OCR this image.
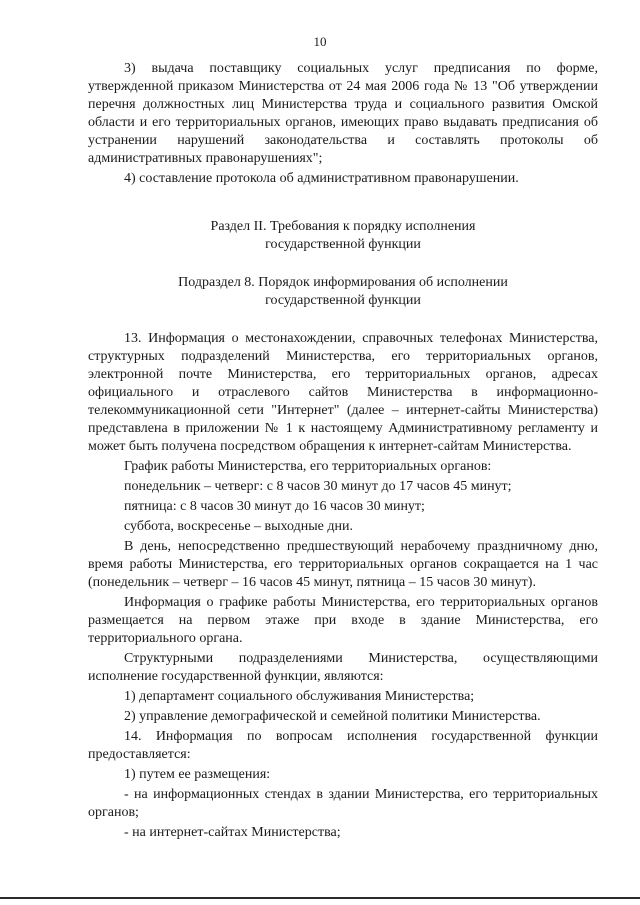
10

3) выдача поставщику социальных услуг предписания по форме, утвержденной приказом Министерства от 24 мая 2006 года № 13 "Об утверждении перечня должностных лиц Министерства труда и социального развития Омской области и его территориальных органов, имеющих право выдавать предписания об устранении нарушений законодательства и составлять протоколы об административных правонарушениях";

4) составление протокола об административном правонарушении.

Раздел II. Требования к порядку исполнения

государственной функции

Подраздел 8. Порядок информирования об исполнении

государственной функции

13. Информация о местонахождении, справочных телефонах Министерства, структурных подразделений Министерства, его территориальных органов, электронной почте Министерства, его территориальных органов, адресах официального и отраслевого сайтов Министерства в информационно-телекоммуникационной сети "Интернет" (далее – интернет-сайты Министерства) представлена в приложении № 1 к настоящему Административному регламенту и может быть получена посредством обращения к интернет-сайтам Министерства.

График работы Министерства, его территориальных органов:

понедельник – четверг: с 8 часов 30 минут до 17 часов 45 минут;

пятница: с 8 часов 30 минут до 16 часов 30 минут;

суббота, воскресенье – выходные дни.

В день, непосредственно предшествующий нерабочему праздничному дню, время работы Министерства, его территориальных органов сокращается на 1 час (понедельник – четверг – 16 часов 45 минут, пятница – 15 часов 30 минут).

Информация о графике работы Министерства, его территориальных органов размещается на первом этаже при входе в здание Министерства, его территориального органа.

Структурными подразделениями Министерства, осуществляющими исполнение государственной функции, являются:

1) департамент социального обслуживания Министерства;

2) управление демографической и семейной политики Министерства.

14. Информация по вопросам исполнения государственной функции предоставляется:

1) путем ее размещения:

- на информационных стендах в здании Министерства, его территориальных органов;

- на интернет-сайтах Министерства;
